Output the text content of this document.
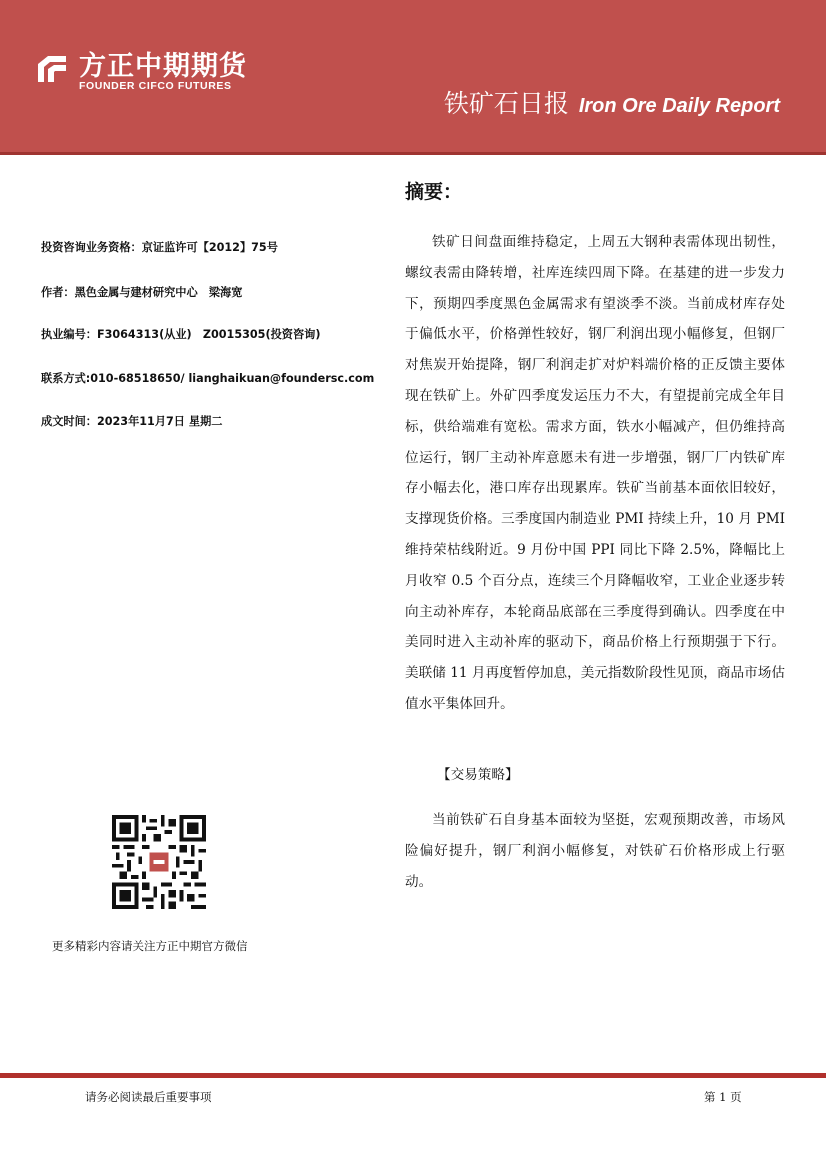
方正中期期货
FOUNDER CIFCO FUTURES
铁矿石日报 Iron Ore Daily Report
摘要：
铁矿日间盘面维持稳定，上周五大钢种表需体现出韧性，螺纹表需由降转增，社库连续四周下降。在基建的进一步发力下，预期四季度黑色金属需求有望淡季不淡。当前成材库存处于偏低水平，价格弹性较好，钢厂利润出现小幅修复，但钢厂对焦炭开始提降，钢厂利润走扩对炉料端价格的正反馈主要体现在铁矿上。外矿四季度发运压力不大，有望提前完成全年目标，供给端难有宽松。需求方面，铁水小幅减产，但仍维持高位运行，钢厂主动补库意愿未有进一步增强，钢厂厂内铁矿库存小幅去化，港口库存出现累库。铁矿当前基本面依旧较好，支撑现货价格。三季度国内制造业 PMI 持续上升，10 月 PMI 维持荣枯线附近。9 月份中国 PPI 同比下降 2.5%，降幅比上月收窄 0.5 个百分点，连续三个月降幅收窄，工业企业逐步转向主动补库存，本轮商品底部在三季度得到确认。四季度在中美同时进入主动补库的驱动下，商品价格上行预期强于下行。美联储 11 月再度暂停加息，美元指数阶段性见顶，商品市场估值水平集体回升。
【交易策略】
当前铁矿石自身基本面较为坚挺，宏观预期改善，市场风险偏好提升，钢厂利润小幅修复，对铁矿石价格形成上行驱动。
投资咨询业务资格：京证监许可【2012】75号
作者：黑色金属与建材研究中心　梁海宽
执业编号：F3064313(从业)　Z0015305(投资咨询)
联系方式:010-68518650/ lianghaikuan@foundersc.com
成文时间：2023年11月7日 星期二
更多精彩内容请关注方正中期官方微信
请务必阅读最后重要事项	第 1 页
